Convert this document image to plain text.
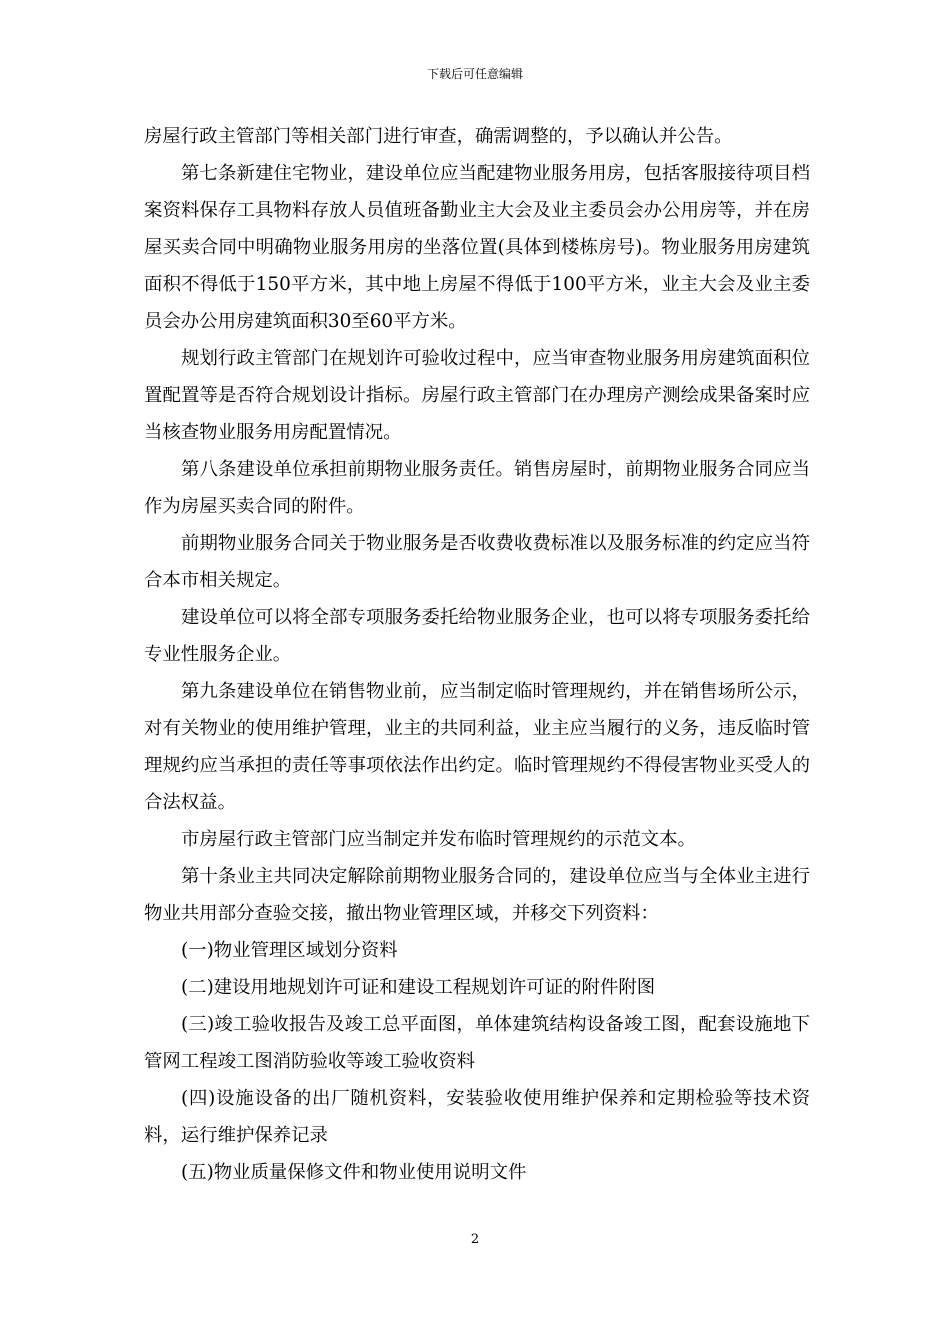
下载后可任意编辑

房屋行政主管部门等相关部门进行审查，确需调整的，予以确认并公告。

第七条新建住宅物业，建设单位应当配建物业服务用房，包括客服接待项目档案资料保存工具物料存放人员值班备勤业主大会及业主委员会办公用房等，并在房屋买卖合同中明确物业服务用房的坐落位置(具体到楼栋房号)。物业服务用房建筑面积不得低于150平方米，其中地上房屋不得低于100平方米，业主大会及业主委员会办公用房建筑面积30至60平方米。

规划行政主管部门在规划许可验收过程中，应当审查物业服务用房建筑面积位置配置等是否符合规划设计指标。房屋行政主管部门在办理房产测绘成果备案时应当核查物业服务用房配置情况。

第八条建设单位承担前期物业服务责任。销售房屋时，前期物业服务合同应当作为房屋买卖合同的附件。

前期物业服务合同关于物业服务是否收费收费标准以及服务标准的约定应当符合本市相关规定。

建设单位可以将全部专项服务委托给物业服务企业，也可以将专项服务委托给专业性服务企业。

第九条建设单位在销售物业前，应当制定临时管理规约，并在销售场所公示，对有关物业的使用维护管理，业主的共同利益，业主应当履行的义务，违反临时管理规约应当承担的责任等事项依法作出约定。临时管理规约不得侵害物业买受人的合法权益。

市房屋行政主管部门应当制定并发布临时管理规约的示范文本。

第十条业主共同决定解除前期物业服务合同的，建设单位应当与全体业主进行物业共用部分查验交接，撤出物业管理区域，并移交下列资料：

(一)物业管理区域划分资料

(二)建设用地规划许可证和建设工程规划许可证的附件附图

(三)竣工验收报告及竣工总平面图，单体建筑结构设备竣工图，配套设施地下管网工程竣工图消防验收等竣工验收资料

(四)设施设备的出厂随机资料，安装验收使用维护保养和定期检验等技术资料，运行维护保养记录

(五)物业质量保修文件和物业使用说明文件

2
